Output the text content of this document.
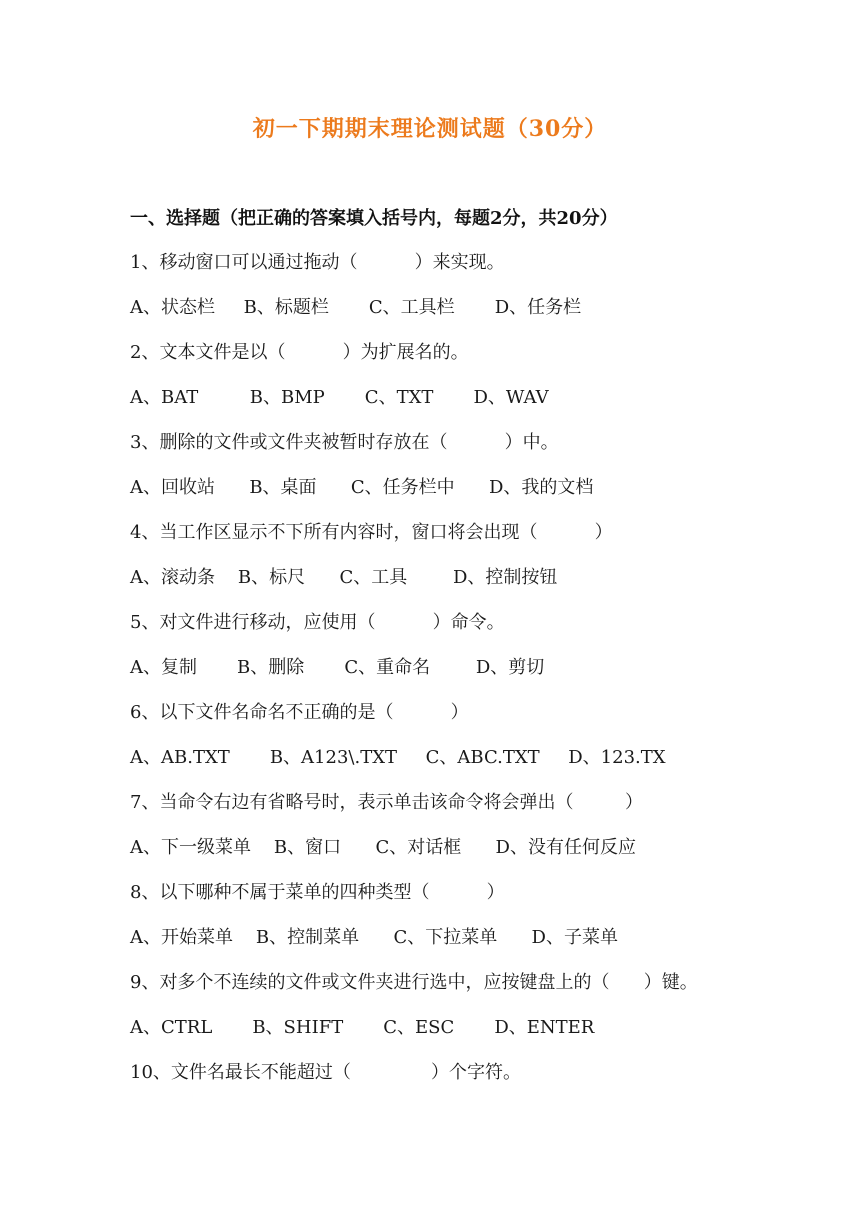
初一下期期末理论测试题（30分）
一、选择题（把正确的答案填入括号内，每题2分，共20分）
1、移动窗口可以通过拖动（          ）来实现。
A、状态栏     B、标题栏       C、工具栏       D、任务栏
2、文本文件是以（          ）为扩展名的。
A、BAT         B、BMP       C、TXT       D、WAV
3、删除的文件或文件夹被暂时存放在（          ）中。
A、回收站      B、桌面      C、任务栏中      D、我的文档
4、当工作区显示不下所有内容时，窗口将会出现（          ）
A、滚动条    B、标尺      C、工具        D、控制按钮
5、对文件进行移动，应使用（          ）命令。
A、复制       B、删除       C、重命名        D、剪切
6、以下文件名命名不正确的是（          ）
A、AB.TXT       B、A123\.TXT     C、ABC.TXT     D、123.TX
7、当命令右边有省略号时，表示单击该命令将会弹出（         ）
A、下一级菜单    B、窗口      C、对话框      D、没有任何反应
8、以下哪种不属于菜单的四种类型（          ）
A、开始菜单    B、控制菜单      C、下拉菜单      D、子菜单
9、对多个不连续的文件或文件夹进行选中，应按键盘上的（      ）键。
A、CTRL       B、SHIFT       C、ESC       D、ENTER
10、文件名最长不能超过（              ）个字符。
